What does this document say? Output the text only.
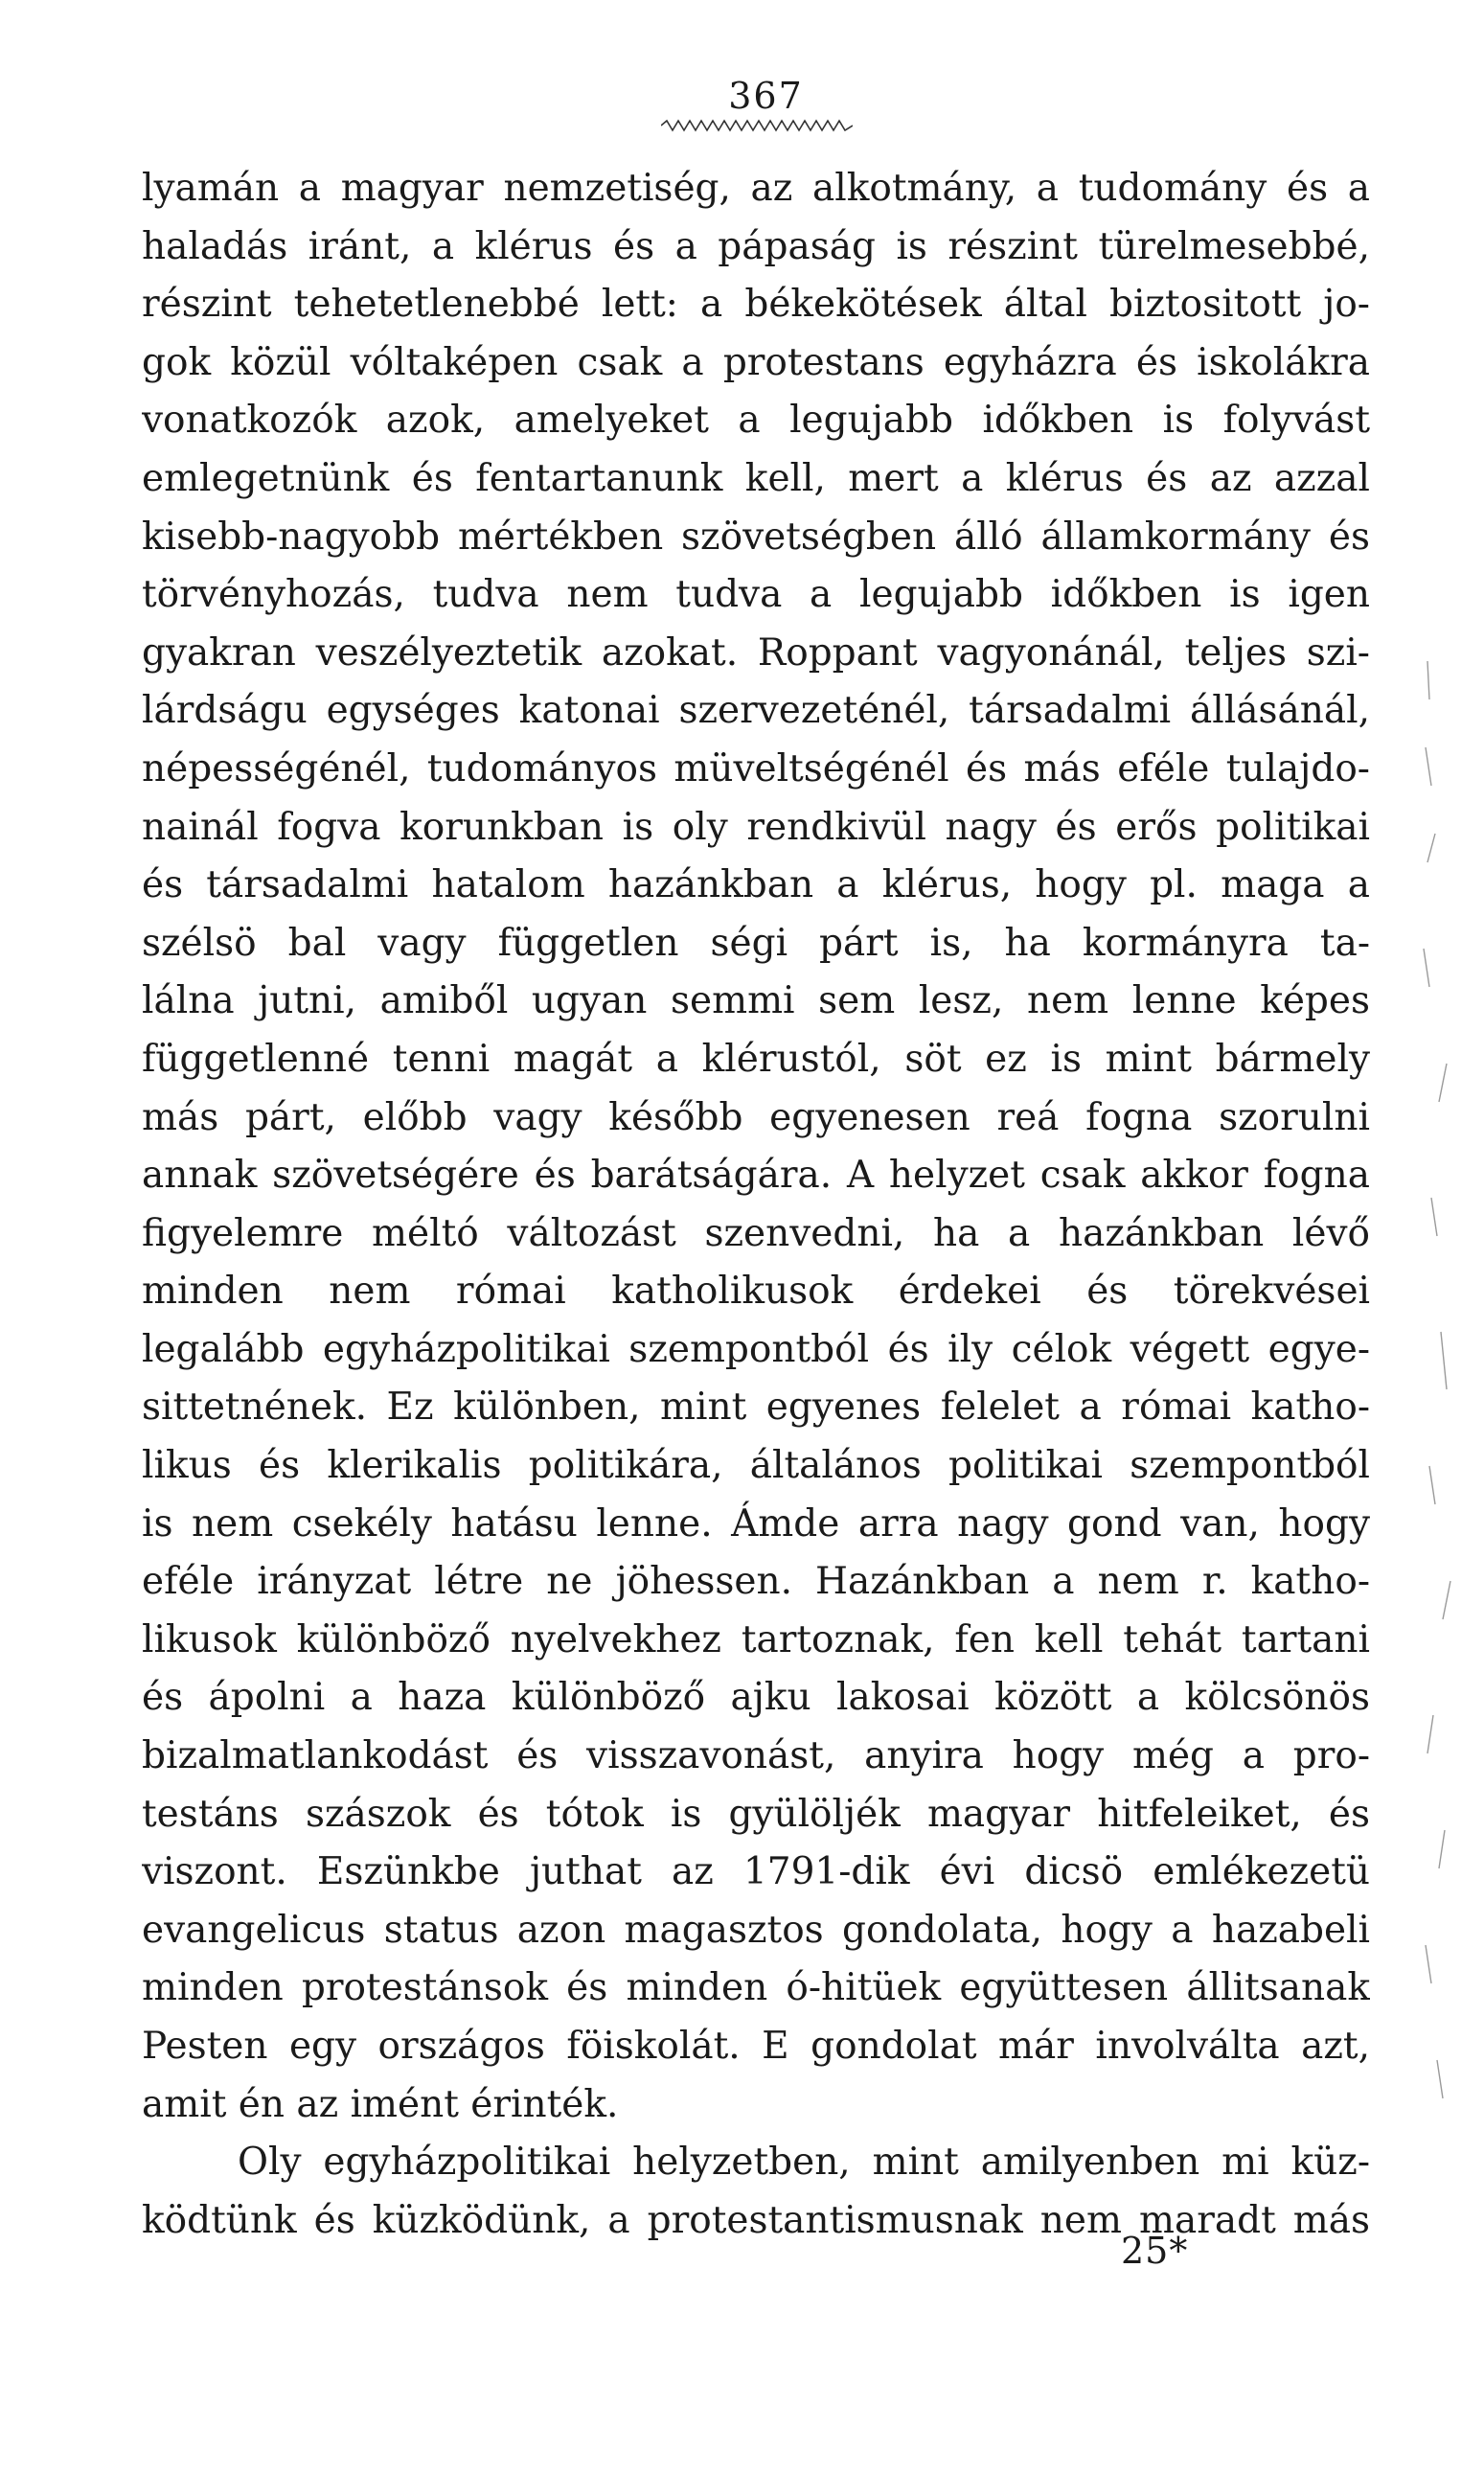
367
lyamán a magyar nemzetiség, az alkotmány, a tudomány és a
haladás iránt, a klérus és a pápaság is részint türelmesebbé,
részint tehetetlenebbé lett: a békekötések által biztositott jo-
gok közül vóltaképen csak a protestans egyházra és iskolákra
vonatkozók azok, amelyeket a legujabb időkben is folyvást
emlegetnünk és fentartanunk kell, mert a klérus és az azzal
kisebb-nagyobb mértékben szövetségben álló államkormány és
törvényhozás, tudva nem tudva a legujabb időkben is igen
gyakran veszélyeztetik azokat. Roppant vagyonánál, teljes szi-
lárdságu egységes katonai szervezeténél, társadalmi állásánál,
népességénél, tudományos müveltségénél és más eféle tulajdo-
nainál fogva korunkban is oly rendkivül nagy és erős politikai
és társadalmi hatalom hazánkban a klérus, hogy pl. maga a
szélsö bal vagy független ségi párt is, ha kormányra ta-
lálna jutni, amiből ugyan semmi sem lesz, nem lenne képes
függetlenné tenni magát a klérustól, söt ez is mint bármely
más párt, előbb vagy később egyenesen reá fogna szorulni
annak szövetségére és barátságára. A helyzet csak akkor fogna
figyelemre méltó változást szenvedni, ha a hazánkban lévő
minden nem római katholikusok érdekei és törekvései
legalább egyházpolitikai szempontból és ily célok végett egye-
sittetnének. Ez különben, mint egyenes felelet a római katho-
likus és klerikalis politikára, általános politikai szempontból
is nem csekély hatásu lenne. Ámde arra nagy gond van, hogy
eféle irányzat létre ne jöhessen. Hazánkban a nem r. katho-
likusok különböző nyelvekhez tartoznak, fen kell tehát tartani
és ápolni a haza különböző ajku lakosai között a kölcsönös
bizalmatlankodást és visszavonást, anyira hogy még a pro-
testáns szászok és tótok is gyülöljék magyar hitfeleiket, és
viszont. Eszünkbe juthat az 1791-dik évi dicsö emlékezetü
evangelicus status azon magasztos gondolata, hogy a hazabeli
minden protestánsok és minden ó-hitüek együttesen állitsanak
Pesten egy országos föiskolát. E gondolat már involválta azt,
amit én az imént érinték.
Oly egyházpolitikai helyzetben, mint amilyenben mi küz-
ködtünk és küzködünk, a protestantismusnak nem maradt más
25*
